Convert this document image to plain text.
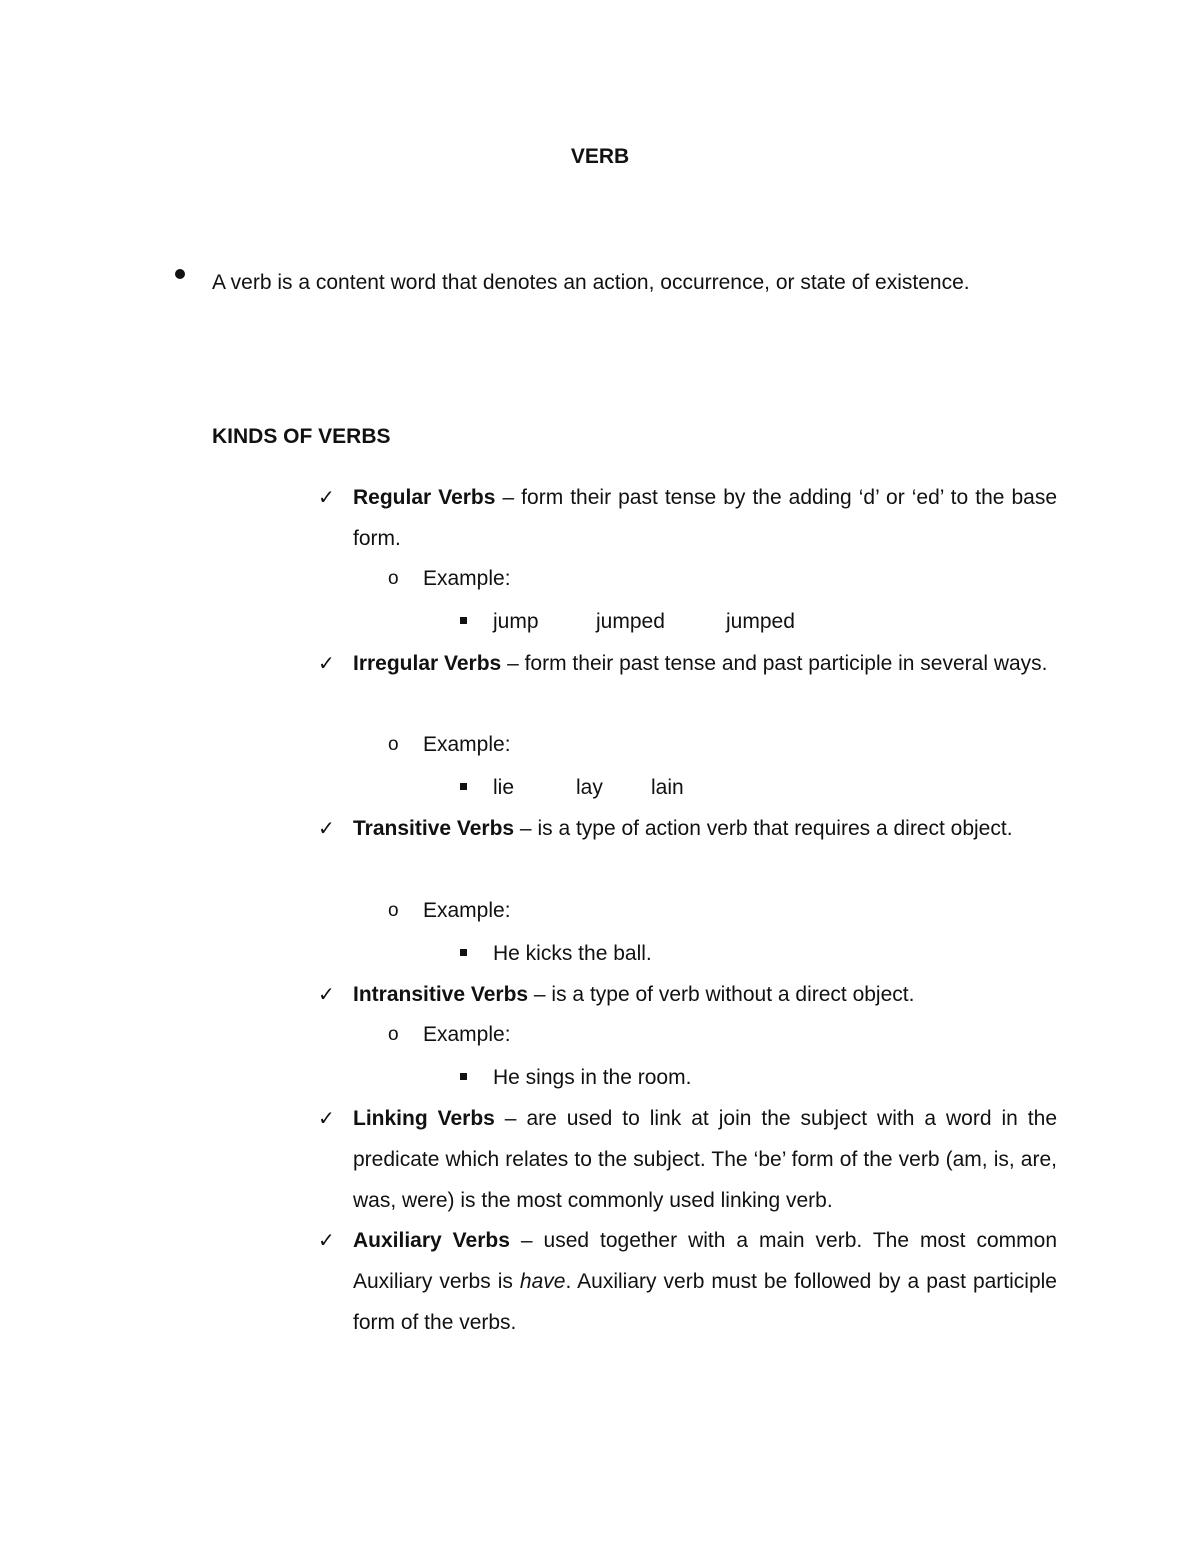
VERB

A verb is a content word that denotes an action, occurrence, or state of existence.

KINDS OF VERBS
✓ Regular Verbs – form their past tense by the adding ‘d’ or ‘ed’ to the base form.

o Example:
jump	jumped	jumped
✓ Irregular Verbs – form their past tense and past participle in several ways.

o Example:
lie	lay lain
✓ Transitive Verbs – is a type of action verb that requires a direct object.

o Example:
He kicks the ball.
✓ Intransitive Verbs – is a type of verb without a direct object.

o Example:
He sings in the room.
✓ Linking Verbs – are used to link at join the subject with a word in the predicate which relates to the subject. The ‘be’ form of the verb (am, is, are, was, were) is the most commonly used linking verb.

✓ Auxiliary Verbs – used together with a main verb. The most common Auxiliary verbs is have. Auxiliary verb must be followed by a past participle form of the verbs.
